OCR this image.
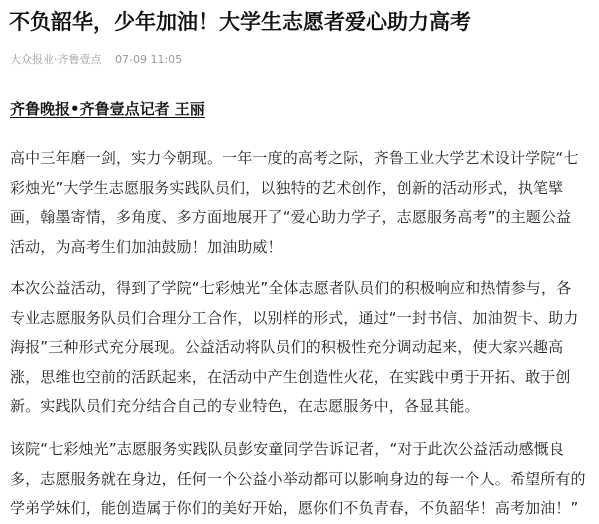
不负韶华，少年加油！大学生志愿者爱心助力高考
大众报业·齐鲁壹点 07-09 11:05
齐鲁晚报•齐鲁壹点记者 王丽

高中三年磨一剑，实力今朝现。一年一度的高考之际，齐鲁工业大学艺术设计学院“七
彩烛光”大学生志愿服务实践队员们，以独特的艺术创作，创新的活动形式，执笔擘
画，翰墨寄情，多角度、多方面地展开了“爱心助力学子，志愿服务高考”的主题公益
活动，为高考生们加油鼓励！加油助威！

本次公益活动，得到了学院“七彩烛光”全体志愿者队员们的积极响应和热情参与，各
专业志愿服务队员们合理分工合作，以别样的形式，通过“一封书信、加油贺卡、助力
海报”三种形式充分展现。公益活动将队员们的积极性充分调动起来，使大家兴趣高
涨，思维也空前的活跃起来，在活动中产生创造性火花，在实践中勇于开拓、敢于创
新。实践队员们充分结合自己的专业特色，在志愿服务中，各显其能。

该院“七彩烛光”志愿服务实践队员彭安童同学告诉记者，“对于此次公益活动感慨良
多，志愿服务就在身边，任何一个公益小举动都可以影响身边的每一个人。希望所有的
学弟学妹们，能创造属于你们的美好开始，愿你们不负青春，不负韶华！高考加油！”
